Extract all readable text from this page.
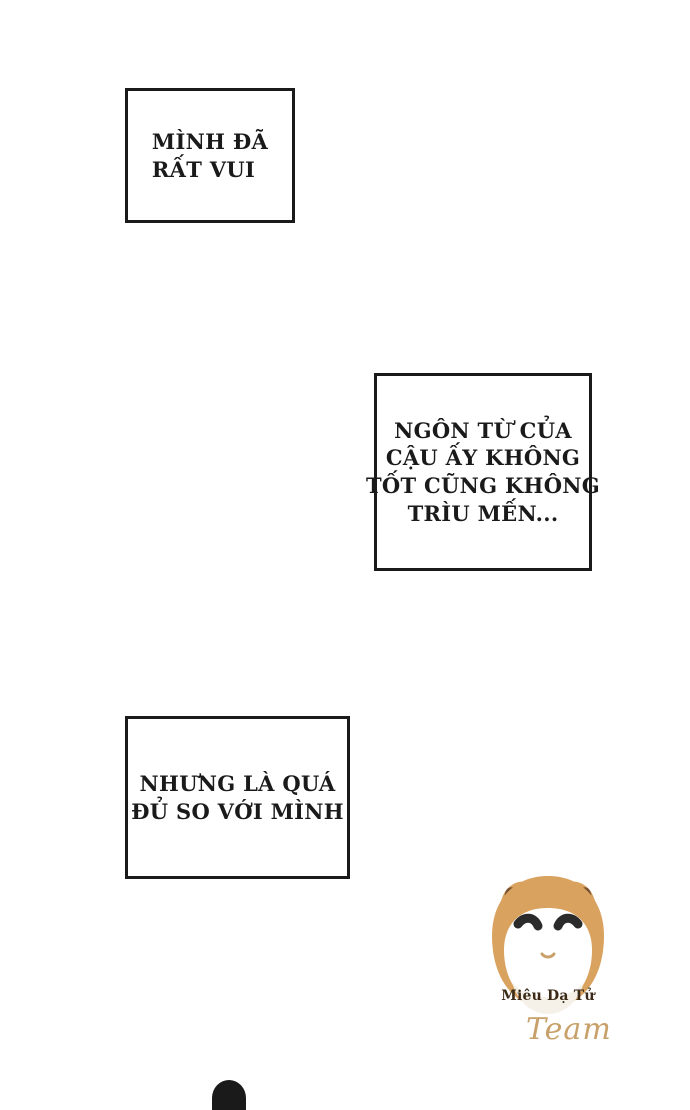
MÌNH ĐÃ
RẤT VUI
NGÔN TỪ CỦA
CẬU ẤY KHÔNG
TỐT CŨNG KHÔNG
TRÌU MẾN...
NHƯNG LÀ QUÁ
ĐỦ SO VỚI MÌNH
Miêu Dạ Tử
Team
